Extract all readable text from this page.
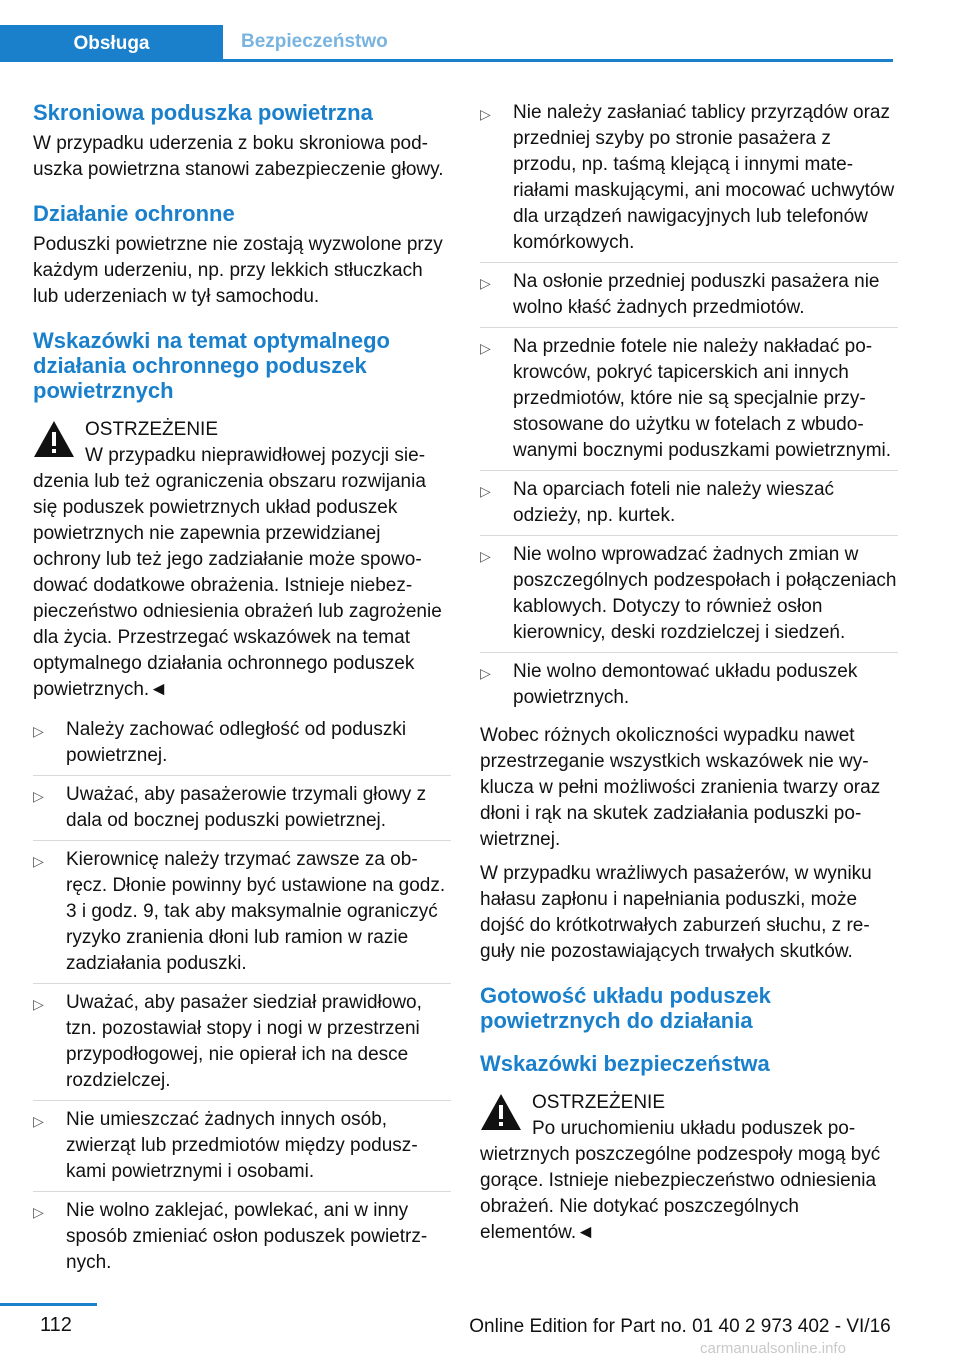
Obsługa	Bezpieczeństwo
Skroniowa poduszka powietrzna

W przypadku uderzenia z boku skroniowa poduszka powietrzna stanowi zabezpieczenie głowy.

Działanie ochronne

Poduszki powietrzne nie zostają wyzwolone przy każdym uderzeniu, np. przy lekkich stłuczkach lub uderzeniach w tył samochodu.

Wskazówki na temat optymalnego działania ochronnego poduszek powietrznych
OSTRZEŻENIE
W przypadku nieprawidłowej pozycji siedzenia lub też ograniczenia obszaru rozwijania się poduszek powietrznych układ poduszek powietrznych nie zapewnia przewidzianej ochrony lub też jego zadziałanie może spowodować dodatkowe obrażenia. Istnieje niebezpieczeństwo odniesienia obrażeń lub zagrożenie dla życia. Przestrzegać wskazówek na temat optymalnego działania ochronnego poduszek powietrznych.◄
▷ Należy zachować odległość od poduszki powietrznej.
▷ Uważać, aby pasażerowie trzymali głowy z dala od bocznej poduszki powietrznej.
▷ Kierownicę należy trzymać zawsze za obręcz. Dłonie powinny być ustawione na godz. 3 i godz. 9, tak aby maksymalnie ograniczyć ryzyko zranienia dłoni lub ramion w razie zadziałania poduszki.
▷ Uważać, aby pasażer siedział prawidłowo, tzn. pozostawiał stopy i nogi w przestrzeni przypodłogowej, nie opierał ich na desce rozdzielczej.
▷ Nie umieszczać żadnych innych osób, zwierząt lub przedmiotów między poduszkami powietrznymi i osobami.
▷ Nie wolno zaklejać, powlekać, ani w inny sposób zmieniać osłon poduszek powietrznych.
▷ Nie należy zasłaniać tablicy przyrządów oraz przedniej szyby po stronie pasażera z przodu, np. taśmą klejącą i innymi materiałami maskującymi, ani mocować uchwytów dla urządzeń nawigacyjnych lub telefonów komórkowych.
▷ Na osłonie przedniej poduszki pasażera nie wolno kłaść żadnych przedmiotów.
▷ Na przednie fotele nie należy nakładać pokrowców, pokryć tapicerskich ani innych przedmiotów, które nie są specjalnie przystosowane do użytku w fotelach z wbudowanymi bocznymi poduszkami powietrznymi.
▷ Na oparciach foteli nie należy wieszać odzieży, np. kurtek.
▷ Nie wolno wprowadzać żadnych zmian w poszczególnych podzespołach i połączeniach kablowych. Dotyczy to również osłon kierownicy, deski rozdzielczej i siedzeń.
▷ Nie wolno demontować układu poduszek powietrznych.

Wobec różnych okoliczności wypadku nawet przestrzeganie wszystkich wskazówek nie wyklucza w pełni możliwości zranienia twarzy oraz dłoni i rąk na skutek zadziałania poduszki powietrznej.

W przypadku wrażliwych pasażerów, w wyniku hałasu zapłonu i napełniania poduszki, może dojść do krótkotrwałych zaburzeń słuchu, z reguły nie pozostawiających trwałych skutków.

Gotowość układu poduszek powietrznych do działania
Wskazówki bezpieczeństwa
OSTRZEŻENIE
Po uruchomieniu układu poduszek powietrznych poszczególne podzespoły mogą być gorące. Istnieje niebezpieczeństwo odniesienia obrażeń. Nie dotykać poszczególnych elementów.◄
112	Online Edition for Part no. 01 40 2 973 402 - VI/16
carmanualsonline.info
